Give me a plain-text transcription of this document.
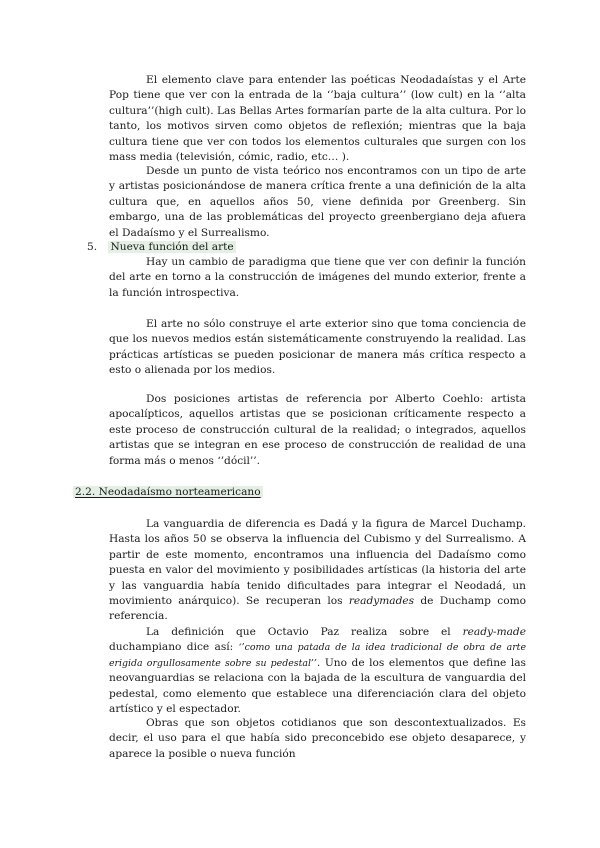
El elemento clave para entender las poéticas Neodadaístas y el Arte Pop tiene que ver con la entrada de la ‘’baja cultura’’ (low cult) en la ‘’alta cultura’’(high cult). Las Bellas Artes formarían parte de la alta cultura. Por lo tanto, los motivos sirven como objetos de reflexión; mientras que la baja cultura tiene que ver con todos los elementos culturales que surgen con los mass media (televisión, cómic, radio, etc… ).

Desde un punto de vista teórico nos encontramos con un tipo de arte y artistas posicionándose de manera crítica frente a una definición de la alta cultura que, en aquellos años 50, viene definida por Greenberg. Sin embargo, una de las problemáticas del proyecto greenbergiano deja afuera el Dadaísmo y el Surrealismo.

5. Nueva función del arte

Hay un cambio de paradigma que tiene que ver con definir la función del arte en torno a la construcción de imágenes del mundo exterior, frente a la función introspectiva.

El arte no sólo construye el arte exterior sino que toma conciencia de que los nuevos medios están sistemáticamente construyendo la realidad. Las prácticas artísticas se pueden posicionar de manera más crítica respecto a esto o alienada por los medios.

Dos posiciones artistas de referencia por Alberto Coehlo: artista apocalípticos, aquellos artistas que se posicionan críticamente respecto a este proceso de construcción cultural de la realidad; o integrados, aquellos artistas que se integran en ese proceso de construcción de realidad de una forma más o menos ‘’dócil’’.

2.2. Neodadaísmo norteamericano

La vanguardia de diferencia es Dadá y la figura de Marcel Duchamp. Hasta los años 50 se observa la influencia del Cubismo y del Surrealismo. A partir de este momento, encontramos una influencia del Dadaísmo como puesta en valor del movimiento y posibilidades artísticas (la historia del arte y las vanguardia había tenido dificultades para integrar el Neodadá, un movimiento anárquico). Se recuperan los readymades de Duchamp como referencia.

La definición que Octavio Paz realiza sobre el ready-made duchampiano dice así: ‘’como una patada de la idea tradicional de obra de arte erigida orgullosamente sobre su pedestal’’. Uno de los elementos que define las neovanguardias se relaciona con la bajada de la escultura de vanguardia del pedestal, como elemento que establece una diferenciación clara del objeto artístico y el espectador.

Obras que son objetos cotidianos que son descontextualizados. Es decir, el uso para el que había sido preconcebido ese objeto desaparece, y aparece la posible o nueva función
